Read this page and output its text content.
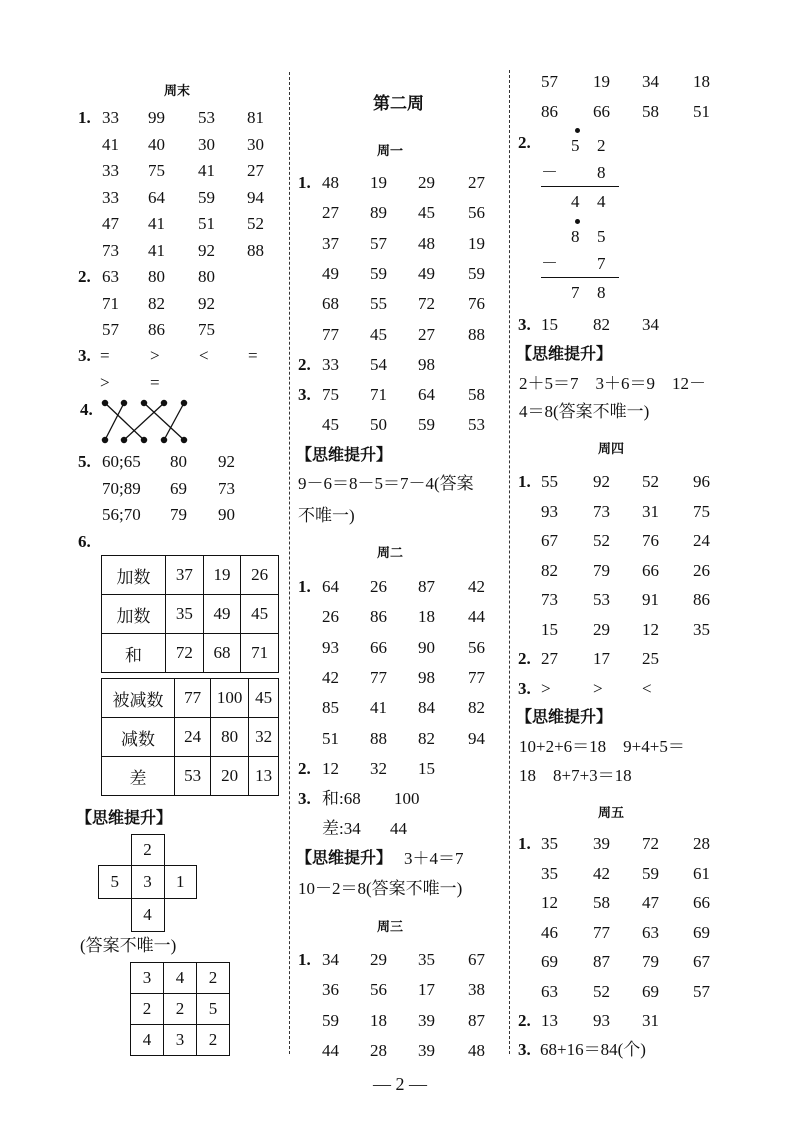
周末
1. 33 99 53 81
41 40 30 30
33 75 41 27
33 64 59 94
47 41 51 52
73 41 92 88
2. 63 80 80
71 82 92
57 86 75
3. = > < =
> =
4.
5. 60;65 80 92
70;89 69 73
56;70 79 90
6.
加数	37	19	26
加数	35	49	45
和	72	68	71
被减数	77	100	45
减数	24	80	32
差	53	20	13
【思维提升】
	2	
5	3	1
	4	
(答案不唯一)
3	4	2
2	2	5
4	3	2
第二周
周一
1. 48 19 29 27
27 89 45 56
37 57 48 19
49 59 49 59
68 55 72 76
77 45 27 88
2. 33 54 98
3. 75 71 64 58
45 50 59 53
【思维提升】
9－6＝8－5＝7－4(答案
不唯一)
周二
1. 64 26 87 42
26 86 18 44
93 66 90 56
42 77 98 77
85 41 84 82
51 88 82 94
2. 12 32 15
3. 和:68 100
差:34 44
【思维提升】 3＋4＝7
10－2＝8(答案不唯一)
周三
1. 34 29 35 67
36 56 17 38
59 18 39 87
44 28 39 48
57 19 34 18
86 66 58 51
2. 5 2
－ 8
4 4
8 5
－ 7
7 8
3. 15 82 34
【思维提升】
2＋5＝7　3＋6＝9　12－
4＝8(答案不唯一)
周四
1. 55 92 52 96
93 73 31 75
67 52 76 24
82 79 66 26
73 53 91 86
15 29 12 35
2. 27 17 25
3. > > <
【思维提升】
10+2+6＝18　9+4+5＝
18　8+7+3＝18
周五
1. 35 39 72 28
35 42 59 61
12 58 47 66
46 77 63 69
69 87 79 67
63 52 69 57
2. 13 93 31
3. 68+16＝84(个)
— 2 —
